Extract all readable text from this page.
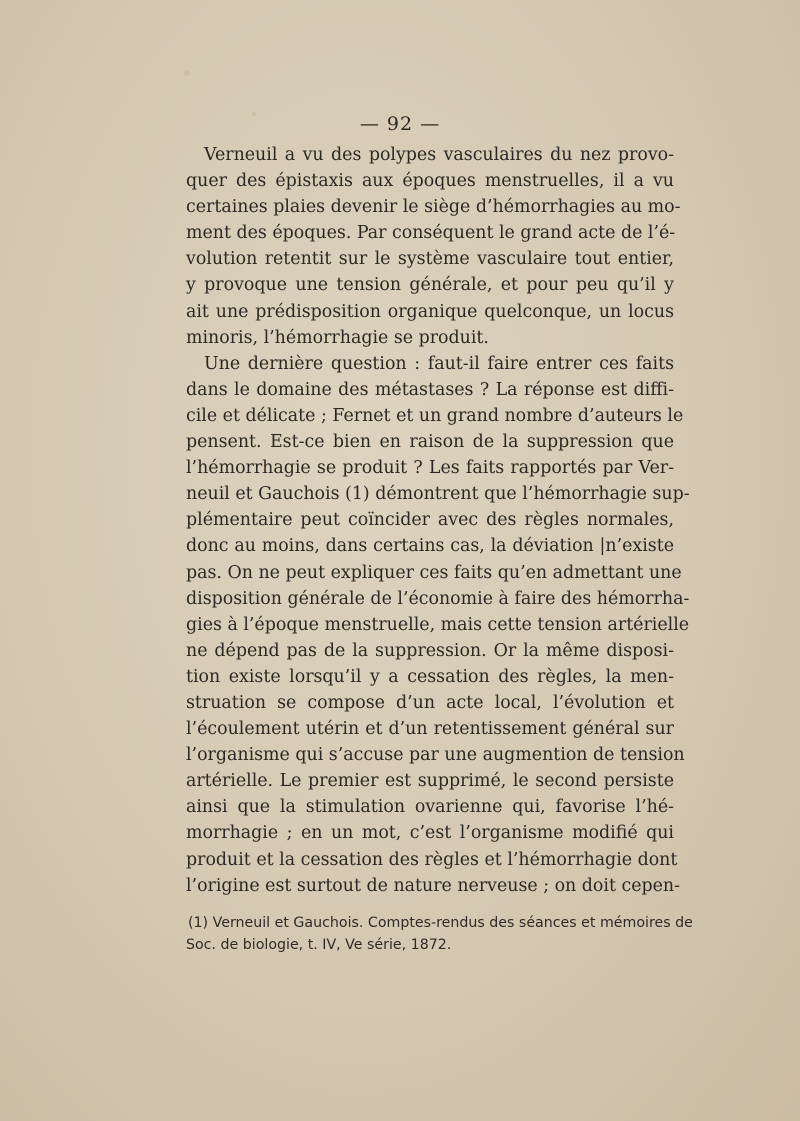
— 92 —
Verneuil a vu des polypes vasculaires du nez provo-
quer des épistaxis aux époques menstruelles, il a vu
certaines plaies devenir le siège d’hémorrhagies au mo-
ment des époques. Par conséquent le grand acte de l’é-
volution retentit sur le système vasculaire tout entier,
y provoque une tension générale, et pour peu qu’il y
ait une prédisposition organique quelconque, un locus
minoris, l’hémorrhagie se produit.
Une dernière question : faut-il faire entrer ces faits
dans le domaine des métastases ? La réponse est diffi-
cile et délicate ; Fernet et un grand nombre d’auteurs le
pensent. Est-ce bien en raison de la suppression que
l’hémorrhagie se produit ? Les faits rapportés par Ver-
neuil et Gauchois (1) démontrent que l’hémorrhagie sup-
plémentaire peut coïncider avec des règles normales,
donc au moins, dans certains cas, la déviation |n’existe
pas. On ne peut expliquer ces faits qu’en admettant une
disposition générale de l’économie à faire des hémorrha-
gies à l’époque menstruelle, mais cette tension artérielle
ne dépend pas de la suppression. Or la même disposi-
tion existe lorsqu’il y a cessation des règles, la men-
struation se compose d’un acte local, l’évolution et
l’écoulement utérin et d’un retentissement général sur
l’organisme qui s’accuse par une augmention de tension
artérielle. Le premier est supprimé, le second persiste
ainsi que la stimulation ovarienne qui, favorise l’hé-
morrhagie ; en un mot, c’est l’organisme modifié qui
produit et la cessation des règles et l’hémorrhagie dont
l’origine est surtout de nature nerveuse ; on doit cepen-
(1) Verneuil et Gauchois. Comptes-rendus des séances et mémoires de
Soc. de biologie, t. IV, Ve série, 1872.
